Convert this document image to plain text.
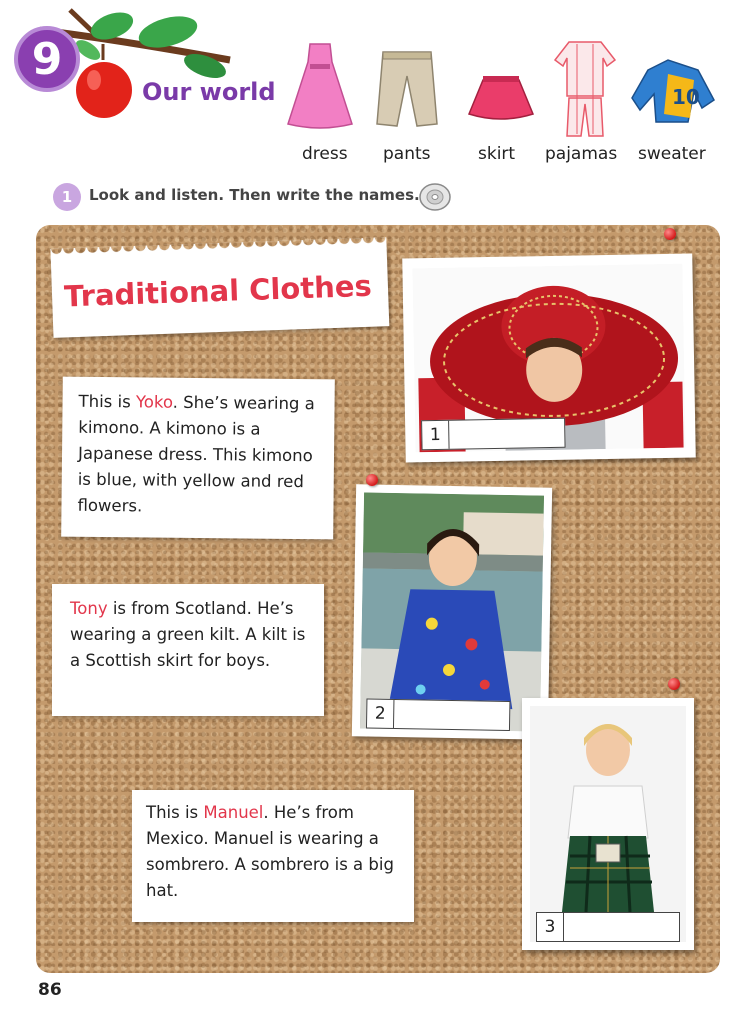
9
Our world	10
dress pants	skirt pajamas sweater
1	Look and listen. Then write the names.
Traditional Clothes
This is Yoko. She’s wearing a kimono. A kimono is a Japanese dress. This kimono is blue, with yellow and red flowers.
Tony is from Scotland. He’s wearing a green kilt. A kilt is a Scottish skirt for boys.
This is Manuel. He’s from Mexico. Manuel is wearing a sombrero. A sombrero is a big hat.
1
2
3
86
